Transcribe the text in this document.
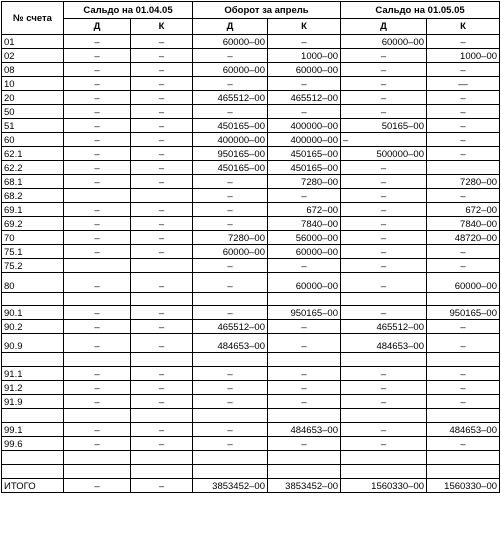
№ счета	Сальдо на 01.04.05		Оборот за апрель		Сальдо на 01.05.05	
	Д	К	Д	К	Д	К
01	–	–	60000–00	–	60000–00	–
02	–	–	–	1000–00	–	1000–00
08	–	–	60000–00	60000–00	–	–
10	–	–	–	–	–	—
20	–	–	465512–00	465512–00	–	–
50	–	–	–	–	–	–
51	–	–	450165–00	400000–00	50165–00	–
60	–	–	400000–00	400000–00	–	–
62.1	–	–	950165–00	450165–00	500000–00	–
62.2	–	–	450165–00	450165–00	–	
68.1	–	–	–	7280–00	–	7280–00
68.2			–	–	–	–
69.1	–	–	–	672–00	–	672–00
69.2	–	–	–	7840–00	–	7840–00
70	–	–	7280–00	56000–00	–	48720–00
75.1	–	–	60000–00	60000–00	–	–
75.2			–	–	–	–
80	–	–	–	60000–00	–	60000–00

90.1	–	–	–	950165–00	–	950165–00
90.2	–	–	465512–00	–	465512–00	–
90.9	–	–	484653–00	–	484653–00	–

91.1	–	–	–	–	–	–
91.2	–	–	–	–	–	–
91.9	–	–	–	–	–	–

99.1	–	–	–	484653–00	–	484653–00
99.6	–	–	–	–	–	–

ИТОГО	–	–	3853452–00	3853452–00	1560330–00	1560330–00
